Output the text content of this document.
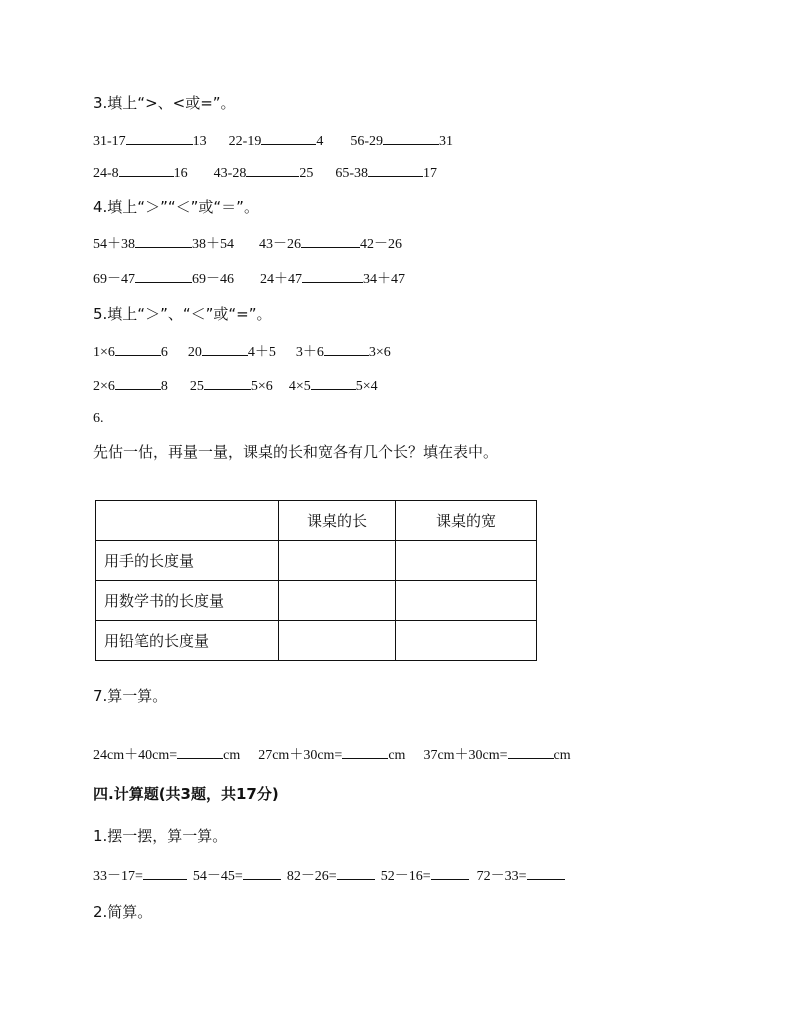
3.填上“>、<或=”。
31-17	13 22-19	4 56-29	31
24-8	16 43-28	25 65-38	17
4.填上“＞”“＜”或“＝”。
54＋38	38＋54 43－26	42－26
69－47	69－46 24＋47	34＋47
5.填上“＞”、“＜”或“=”。
1×6	6 20	4＋5 3＋6	3×6
2×6	8 25	5×6 4×5	5×4
6.
先估一估，再量一量，课桌的长和宽各有几个长？填在表中。
	课桌的长	课桌的宽
用手的长度量		
用数学书的长度量		
用铅笔的长度量		
7.算一算。
24cm＋40cm=	cm 27cm＋30cm=	cm 37cm＋30cm=	cm
四.计算题(共3题，共17分)
1.摆一摆，算一算。
33－17=	54－45=	82－26=	52－16=	72－33=
2.简算。
